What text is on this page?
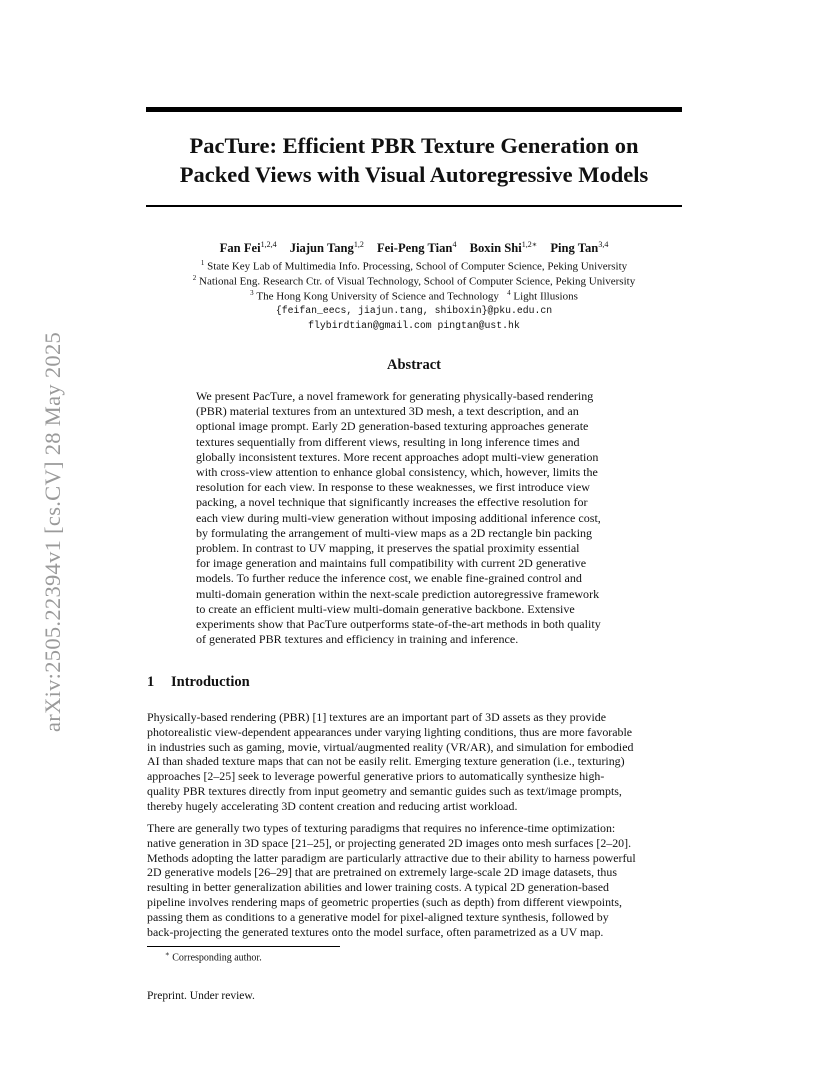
arXiv:2505.22394v1 [cs.CV] 28 May 2025
PacTure: Efficient PBR Texture Generation on
Packed Views with Visual Autoregressive Models
Fan Fei$^{1,2,4}$ Jiajun Tang$^{1,2}$ Fei-Peng Tian$^4$ Boxin Shi$^{1,2∗}$ Ping Tan$^{3,4}$
$^1$ State Key Lab of Multimedia Info. Processing, School of Computer Science, Peking University
$^2$ National Eng. Research Ctr. of Visual Technology, School of Computer Science, Peking University
$^3$ The Hong Kong University of Science and Technology $^4$ Light Illusions
{feifan_eecs, jiajun.tang, shiboxin}@pku.edu.cn
flybirdtian@gmail.com pingtan@ust.hk
Abstract
We present PacTure, a novel framework for generating physically-based rendering
(PBR) material textures from an untextured 3D mesh, a text description, and an
optional image prompt. Early 2D generation-based texturing approaches generate
textures sequentially from different views, resulting in long inference times and
globally inconsistent textures. More recent approaches adopt multi-view generation
with cross-view attention to enhance global consistency, which, however, limits the
resolution for each view. In response to these weaknesses, we first introduce view
packing, a novel technique that significantly increases the effective resolution for
each view during multi-view generation without imposing additional inference cost,
by formulating the arrangement of multi-view maps as a 2D rectangle bin packing
problem. In contrast to UV mapping, it preserves the spatial proximity essential
for image generation and maintains full compatibility with current 2D generative
models. To further reduce the inference cost, we enable fine-grained control and
multi-domain generation within the next-scale prediction autoregressive framework
to create an efficient multi-view multi-domain generative backbone. Extensive
experiments show that PacTure outperforms state-of-the-art methods in both quality
of generated PBR textures and efficiency in training and inference.
1 Introduction
Physically-based rendering (PBR) [1] textures are an important part of 3D assets as they provide
photorealistic view-dependent appearances under varying lighting conditions, thus are more favorable
in industries such as gaming, movie, virtual/augmented reality (VR/AR), and simulation for embodied
AI than shaded texture maps that can not be easily relit. Emerging texture generation (i.e., texturing)
approaches [2–25] seek to leverage powerful generative priors to automatically synthesize high-
quality PBR textures directly from input geometry and semantic guides such as text/image prompts,
thereby hugely accelerating 3D content creation and reducing artist workload.
There are generally two types of texturing paradigms that requires no inference-time optimization:
native generation in 3D space [21–25], or projecting generated 2D images onto mesh surfaces [2–20].
Methods adopting the latter paradigm are particularly attractive due to their ability to harness powerful
2D generative models [26–29] that are pretrained on extremely large-scale 2D image datasets, thus
resulting in better generalization abilities and lower training costs. A typical 2D generation-based
pipeline involves rendering maps of geometric properties (such as depth) from different viewpoints,
passing them as conditions to a generative model for pixel-aligned texture synthesis, followed by
back-projecting the generated textures onto the model surface, often parametrized as a UV map.
∗ Corresponding author.
Preprint. Under review.
